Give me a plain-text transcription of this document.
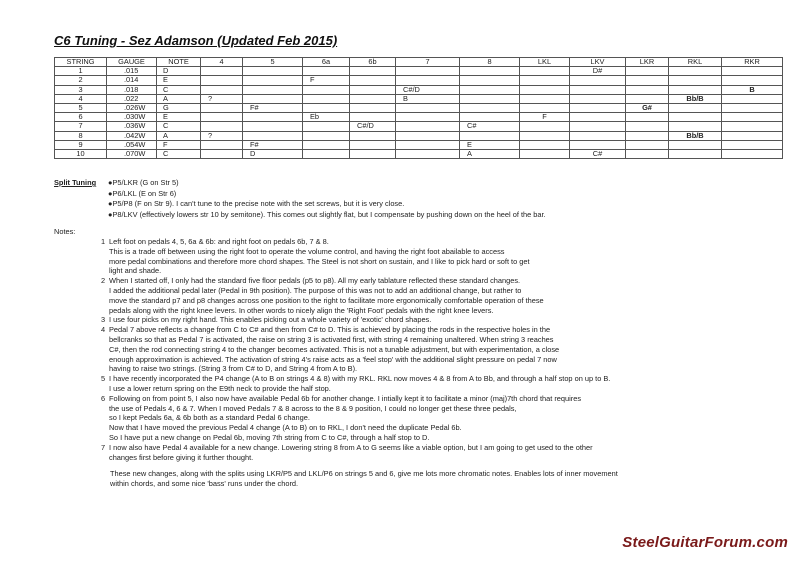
C6 Tuning - Sez Adamson (Updated Feb 2015)
STRING	GAUGE	NOTE	4	5	6a	6b	7	8	LKL	LKV	LKR	RKL	RKR
1	.015	D								D#			
2	.014	E			F								
3	.018	C					C#/D						B
4	.022	A	?				B					Bb/B	
5	.026W	G		F#							G#		
6	.030W	E			Eb				F				
7	.036W	C				C#/D		C#					
8	.042W	A	?									Bb/B	
9	.054W	F		F#				E					
10	.070W	C		D				A		C#			
Split Tuning ●P5/LKR (G on Str 5)
●P6/LKL (E on Str 6)
●P5/P8 (F on Str 9). I can't tune to the precise note with the set screws, but it is very close.
●P8/LKV (effectively lowers str 10 by semitone). This comes out slightly flat, but I compensate by pushing down on the heel of the bar.
Notes:
1 Left foot on pedals 4, 5, 6a & 6b: and right foot on pedals 6b, 7 & 8.
This is a trade off between using the right foot to operate the volume control, and having the right foot abailable to access
more pedal combinations and therefore more chord shapes. The Steel is not short on sustain, and I like to pick hard or soft to get
light and shade.
2 When I started off, I only had the standard five floor pedals (p5 to p8). All my early tablature reflected these standard changes.
I added the additional pedal later (Pedal in 9th position). The purpose of this was not to add an additional change, but rather to
move the standard p7 and p8 changes across one position to the right to facilitate more ergonomically comfortable operation of these
pedals along with the right knee levers. In other words to nicely align the 'Right Foot' pedals with the right knee levers.
3 I use four picks on my right hand. This enables picking out a whole variety of 'exotic' chord shapes.
4 Pedal 7 above reflects a change from C to C# and then from C# to D. This is achieved by placing the rods in the respective holes in the
bellcranks so that as Pedal 7 is activated, the raise on string 3 is activated first, with string 4 remaining unaltered. When string 3 reaches
C#, then the rod connecting string 4 to the changer becomes activated. This is not a tunable adjustment, but with experimentation, a close
enough approximation is achieved. The activation of string 4's raise acts as a 'feel stop' with the additional slight pressure on pedal 7 now
having to raise two strings. (String 3 from C# to D, and String 4 from A to B).
5 I have recently incorporated the P4 change (A to B on strings 4 & 8) with my RKL. RKL now moves 4 & 8 from A to Bb, and through a half stop on up to B.
I use a lower return spring on the E9th neck to provide the half stop.
6 Following on from point 5, I also now have available Pedal 6b for another change. I intially kept it to facilitate a minor (maj)7th chord that requires
the use of Pedals 4, 6 & 7. When I moved Pedals 7 & 8 across to the 8 & 9 position, I could no longer get these three pedals,
so I kept Pedals 6a, & 6b both as a standard Pedal 6 change.
Now that I have moved the previous Pedal 4 change (A to B) on to RKL, I don't need the duplicate Pedal 6b.
So I have put a new change on Pedal 6b, moving 7th string from C to C#, through a half stop to D.
7 I now also have Pedal 4 available for a new change. Lowering string 8 from A to G seems like a viable option, but I am going to get used to the other
changes first before giving it further thought.
These new changes, along with the splits using LKR/P5 and LKL/P6 on strings 5 and 6, give me lots more chromatic notes. Enables lots of inner movement
within chords, and some nice 'bass' runs under the chord.
SteelGuitarForum.com
